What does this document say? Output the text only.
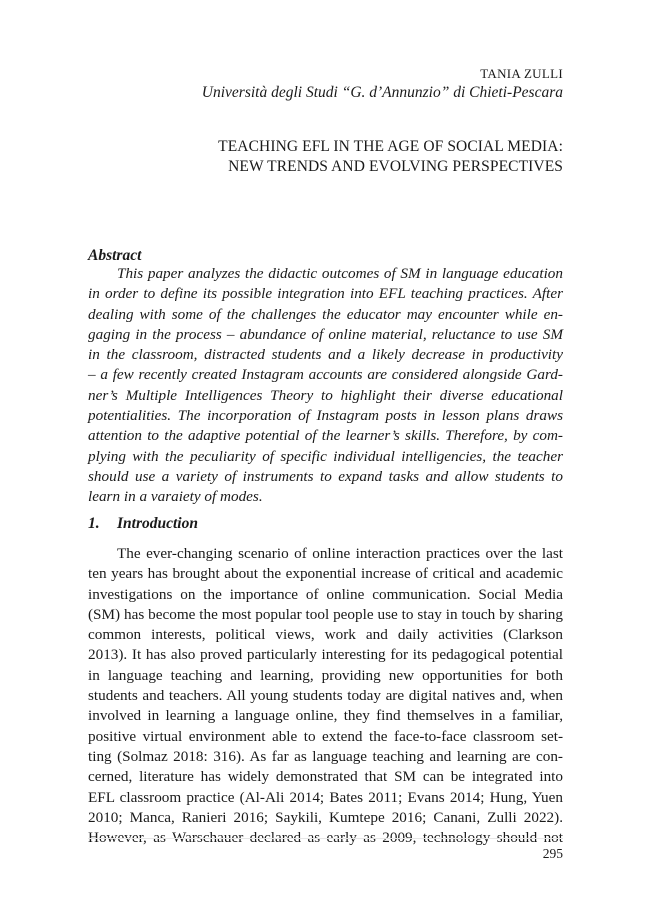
TANIA ZULLI
Università degli Studi “G. d’Annunzio” di Chieti-Pescara
TEACHING EFL IN THE AGE OF SOCIAL MEDIA:
NEW TRENDS AND EVOLVING PERSPECTIVES
Abstract
This paper analyzes the didactic outcomes of SM in language education
in order to define its possible integration into EFL teaching practices. After
dealing with some of the challenges the educator may encounter while en-
gaging in the process – abundance of online material, reluctance to use SM
in the classroom, distracted students and a likely decrease in productivity
– a few recently created Instagram accounts are considered alongside Gard-
ner’s Multiple Intelligences Theory to highlight their diverse educational
potentialities. The incorporation of Instagram posts in lesson plans draws
attention to the adaptive potential of the learner’s skills. Therefore, by com-
plying with the peculiarity of specific individual intelligencies, the teacher
should use a variety of instruments to expand tasks and allow students to
learn in a varaiety of modes.
1. Introduction
The ever-changing scenario of online interaction practices over the last
ten years has brought about the exponential increase of critical and academic
investigations on the importance of online communication. Social Media
(SM) has become the most popular tool people use to stay in touch by sharing
common interests, political views, work and daily activities (Clarkson
2013). It has also proved particularly interesting for its pedagogical potential
in language teaching and learning, providing new opportunities for both
students and teachers. All young students today are digital natives and, when
involved in learning a language online, they find themselves in a familiar,
positive virtual environment able to extend the face-to-face classroom set-
ting (Solmaz 2018: 316). As far as language teaching and learning are con-
cerned, literature has widely demonstrated that SM can be integrated into
EFL classroom practice (Al-Ali 2014; Bates 2011; Evans 2014; Hung, Yuen
2010; Manca, Ranieri 2016; Saykili, Kumtepe 2016; Canani, Zulli 2022).
However, as Warschauer declared as early as 2009, technology should not
295
